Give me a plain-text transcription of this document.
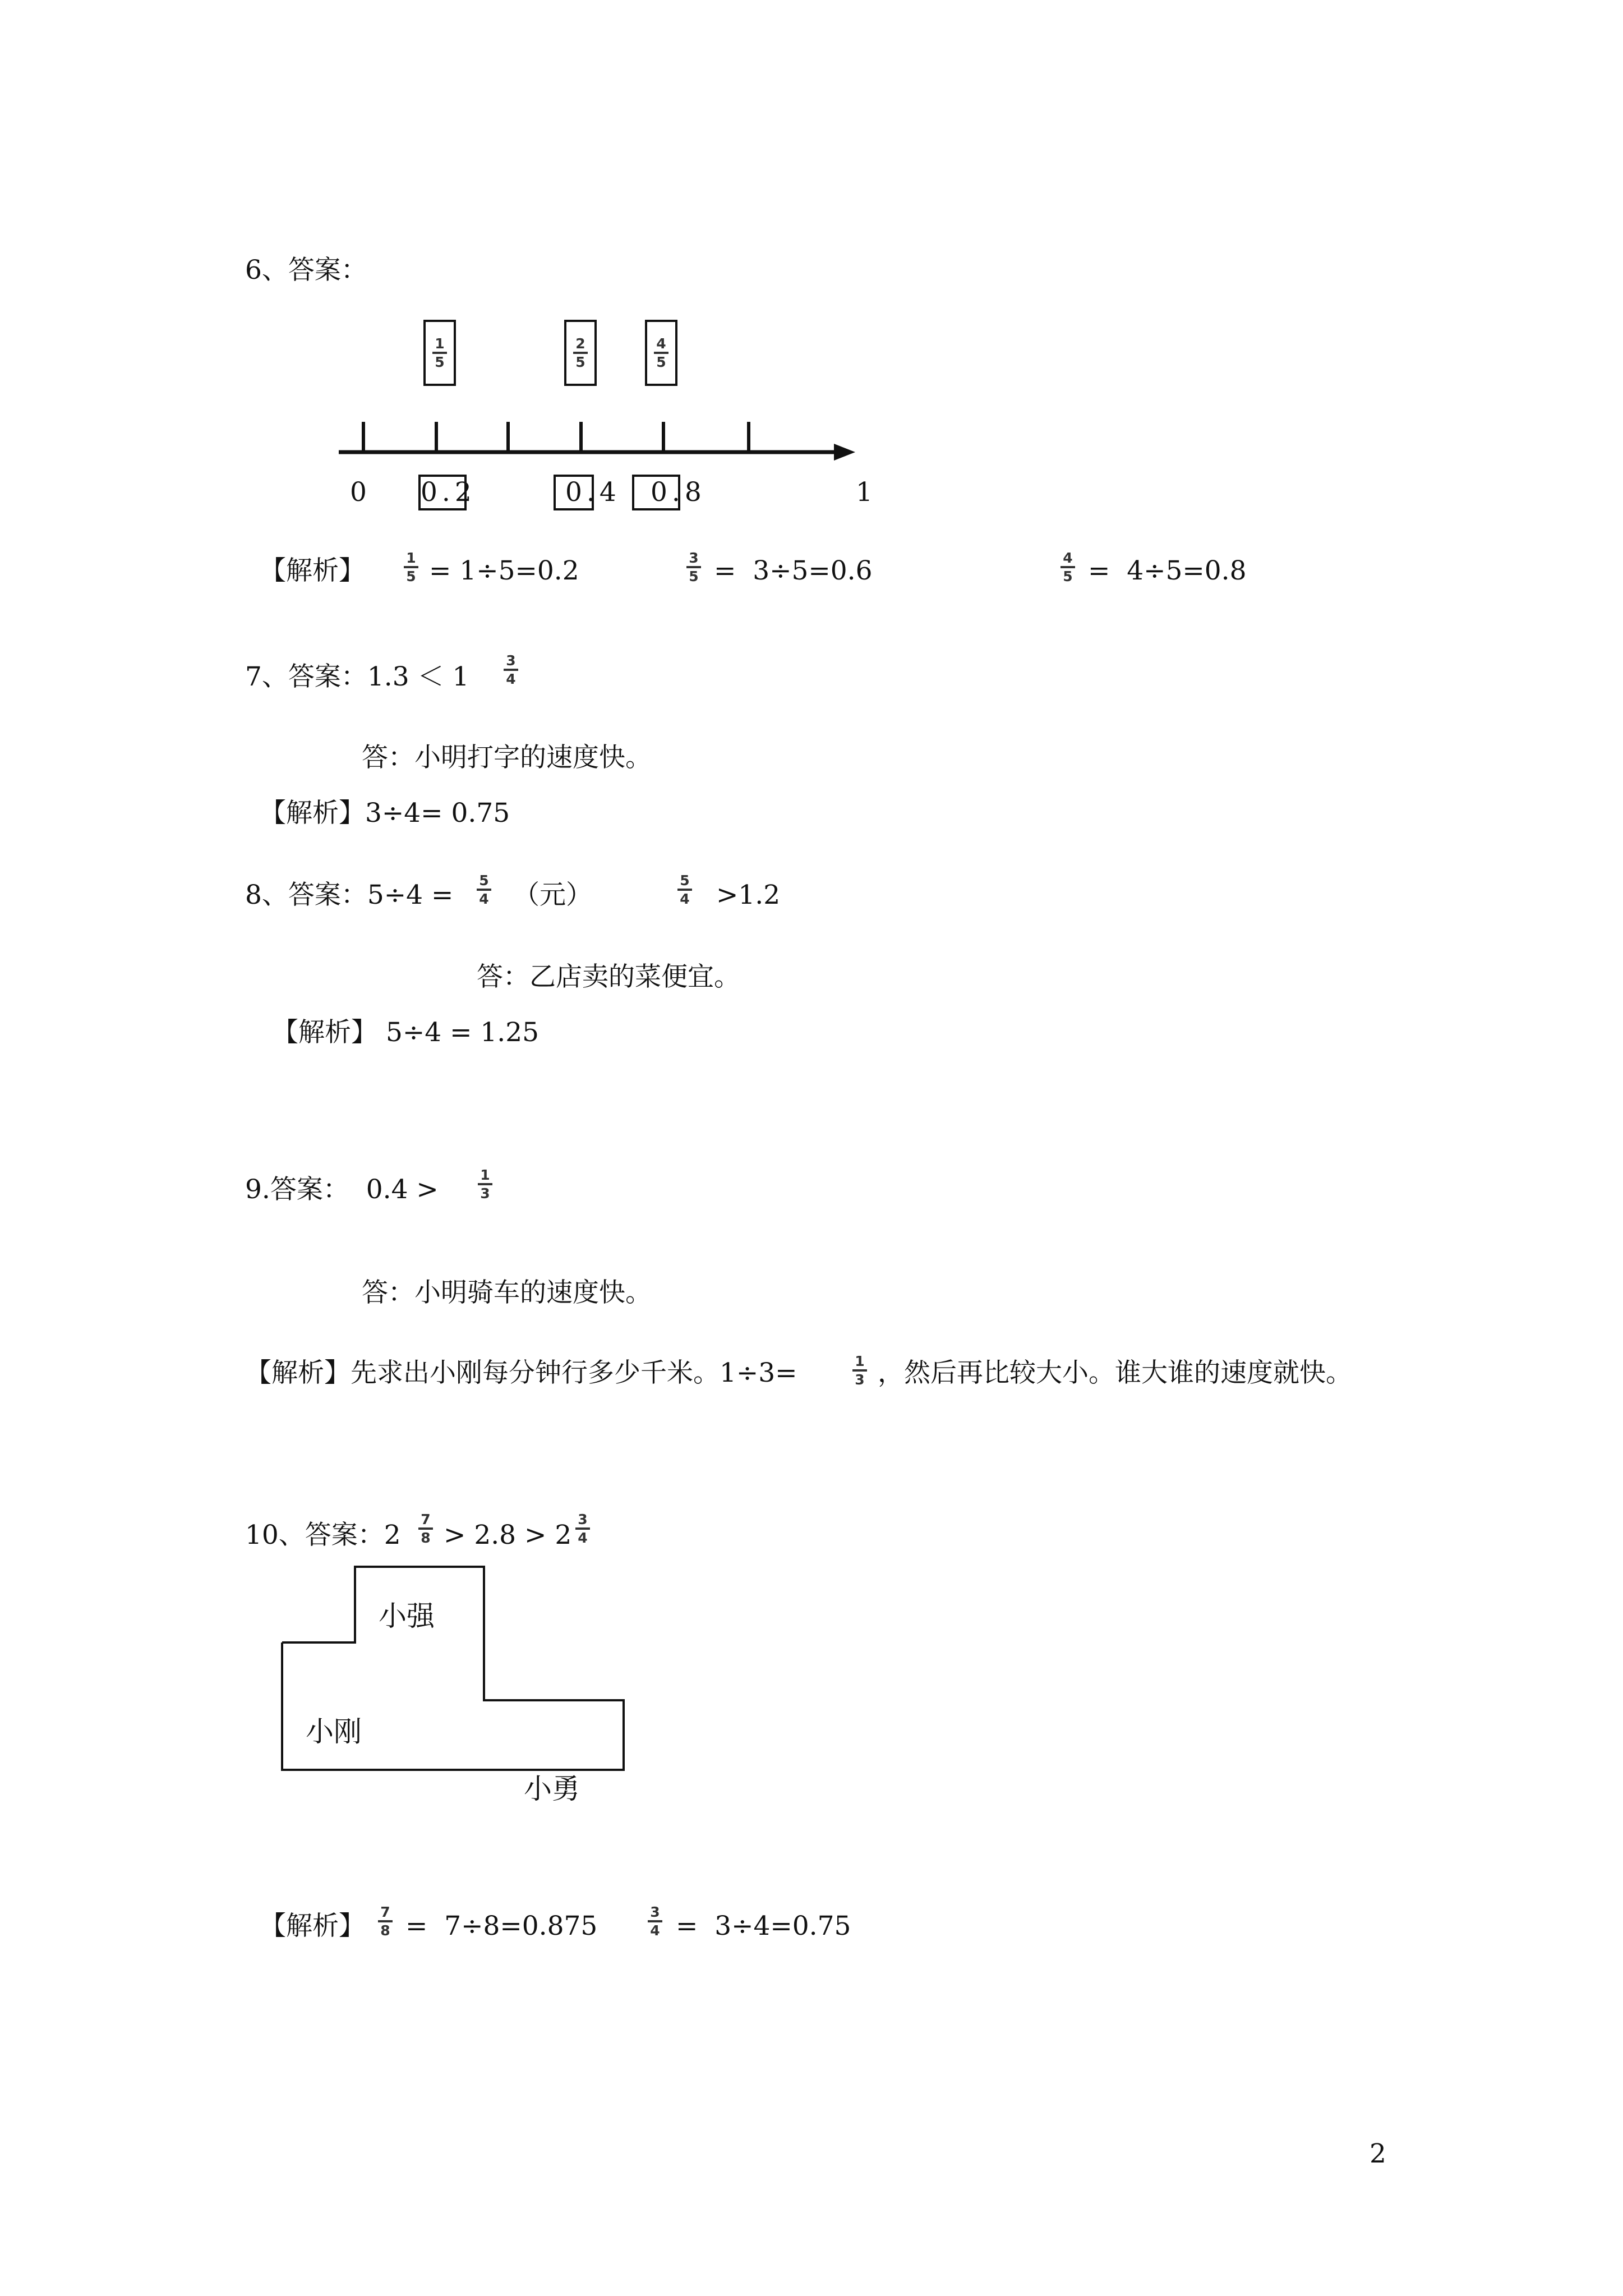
6、答案：
1
5
2
5
4
5
0 0.2	0.4 0.8	1
【解析】	1
5 = 1÷5=0.2	3
5 =  3÷5=0.6	4
5 =  4÷5=0.8
7、答案：1.3 ＜ 1
3
4
答：小明打字的速度快。
【解析】3÷4= 0.75
8、答案：5÷4 =	5
4 （元）	5
4 >1.2
答：乙店卖的菜便宜。
【解析】 5÷4 = 1.25
9.答案：  0.4 >	1
3
答：小明骑车的速度快。
【解析】先求出小刚每分钟行多少千米。1÷3=	1
3 ，然后再比较大小。谁大谁的速度就快。
10、答案：2
7
8 > 2.8 > 2
3
4
小强
小刚
小勇
【解析】	7
8 =  7÷8=0.875	3
4 =  3÷4=0.75
2
